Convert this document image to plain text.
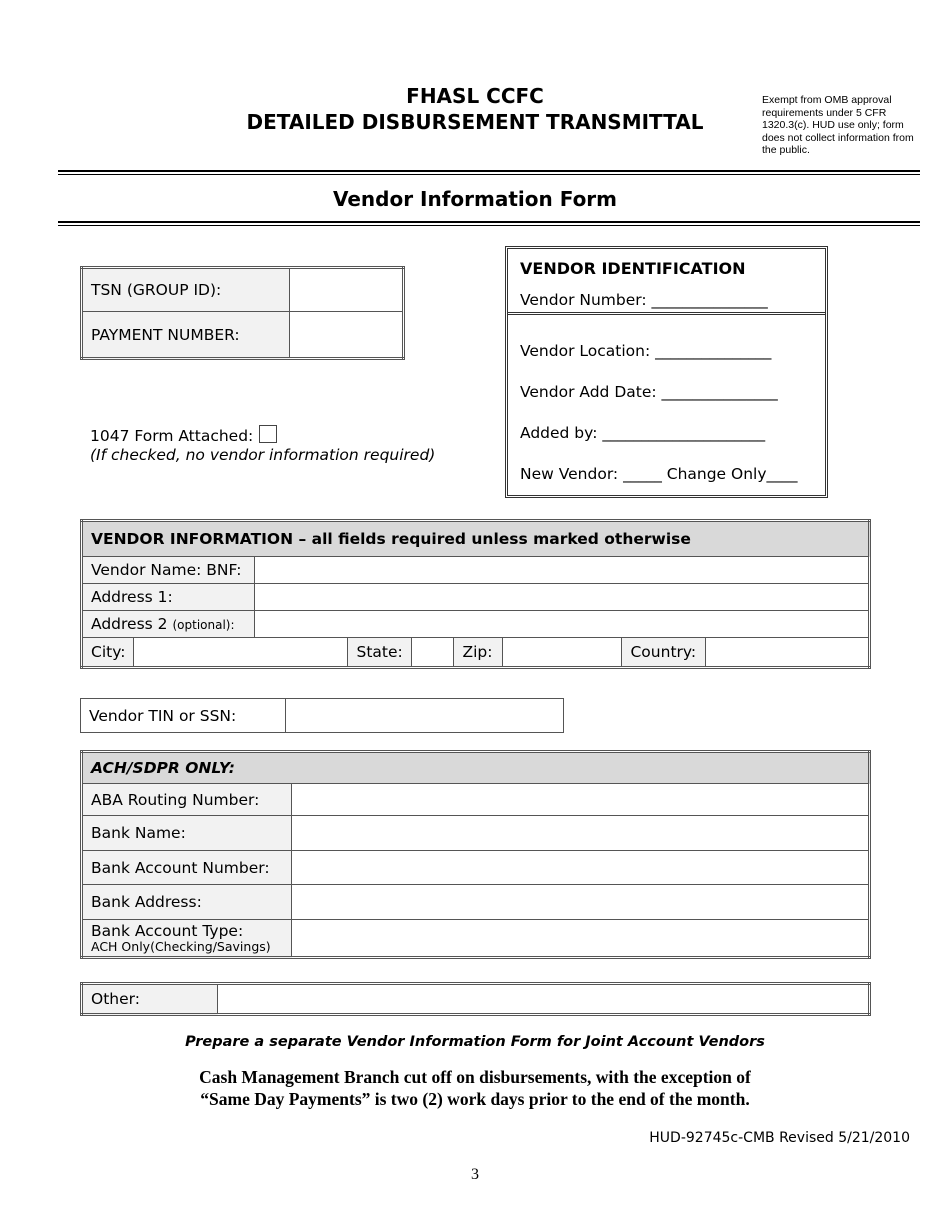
FHASL CCFC
DETAILED DISBURSEMENT TRANSMITTAL
Exempt from OMB approval requirements under 5 CFR 1320.3(c). HUD use only; form does not collect information from the public.
Vendor Information Form
TSN (GROUP ID):	
PAYMENT NUMBER:	
1047 Form Attached:
(If checked, no vendor information required)
VENDOR IDENTIFICATION
Vendor Number: _______________
Vendor Location: _______________
Vendor Add Date: _______________
Added by: _____________________
New Vendor: _____ Change Only____
VENDOR INFORMATION – all fields required unless marked otherwise
Vendor Name: BNF:	
Address 1:	
Address 2 (optional):	

City:		State:		Zip:		Country:	
Vendor TIN or SSN:	
ACH/SDPR ONLY:	
ABA Routing Number:	
Bank Name:	
Bank Account Number:	
Bank Address:	

Bank Account Type:
ACH Only(Checking/Savings)	

Other:	
Prepare a separate Vendor Information Form for Joint Account Vendors
Cash Management Branch cut off on disbursements, with the exception of
“Same Day Payments” is two (2) work days prior to the end of the month.
HUD-92745c-CMB Revised 5/21/2010
3
